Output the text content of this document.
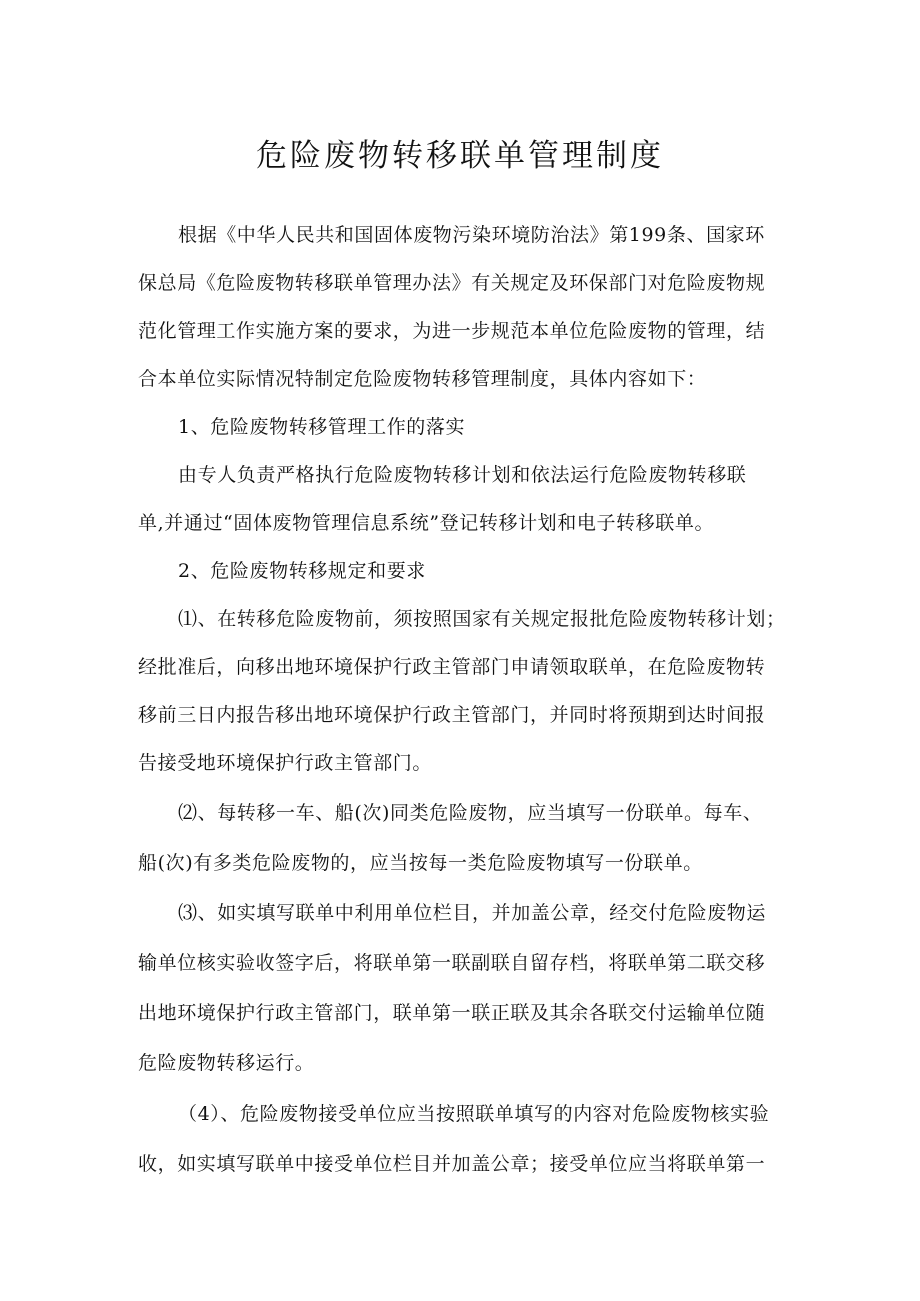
危险废物转移联单管理制度
根据《中华人民共和国固体废物污染环境防治法》第199条、国家环
保总局《危险废物转移联单管理办法》有关规定及环保部门对危险废物规
范化管理工作实施方案的要求，为进一步规范本单位危险废物的管理，结
合本单位实际情况特制定危险废物转移管理制度，具体内容如下：
1、危险废物转移管理工作的落实
由专人负责严格执行危险废物转移计划和依法运行危险废物转移联
单,并通过“固体废物管理信息系统”登记转移计划和电子转移联单。
2、危险废物转移规定和要求
⑴、在转移危险废物前，须按照国家有关规定报批危险废物转移计划；
经批准后，向移出地环境保护行政主管部门申请领取联单，在危险废物转
移前三日内报告移出地环境保护行政主管部门，并同时将预期到达时间报
告接受地环境保护行政主管部门。
⑵、每转移一车、船(次)同类危险废物，应当填写一份联单。每车、
船(次)有多类危险废物的，应当按每一类危险废物填写一份联单。
⑶、如实填写联单中利用单位栏目，并加盖公章，经交付危险废物运
输单位核实验收签字后，将联单第一联副联自留存档，将联单第二联交移
出地环境保护行政主管部门，联单第一联正联及其余各联交付运输单位随
危险废物转移运行。
（4）、危险废物接受单位应当按照联单填写的内容对危险废物核实验
收，如实填写联单中接受单位栏目并加盖公章；接受单位应当将联单第一
